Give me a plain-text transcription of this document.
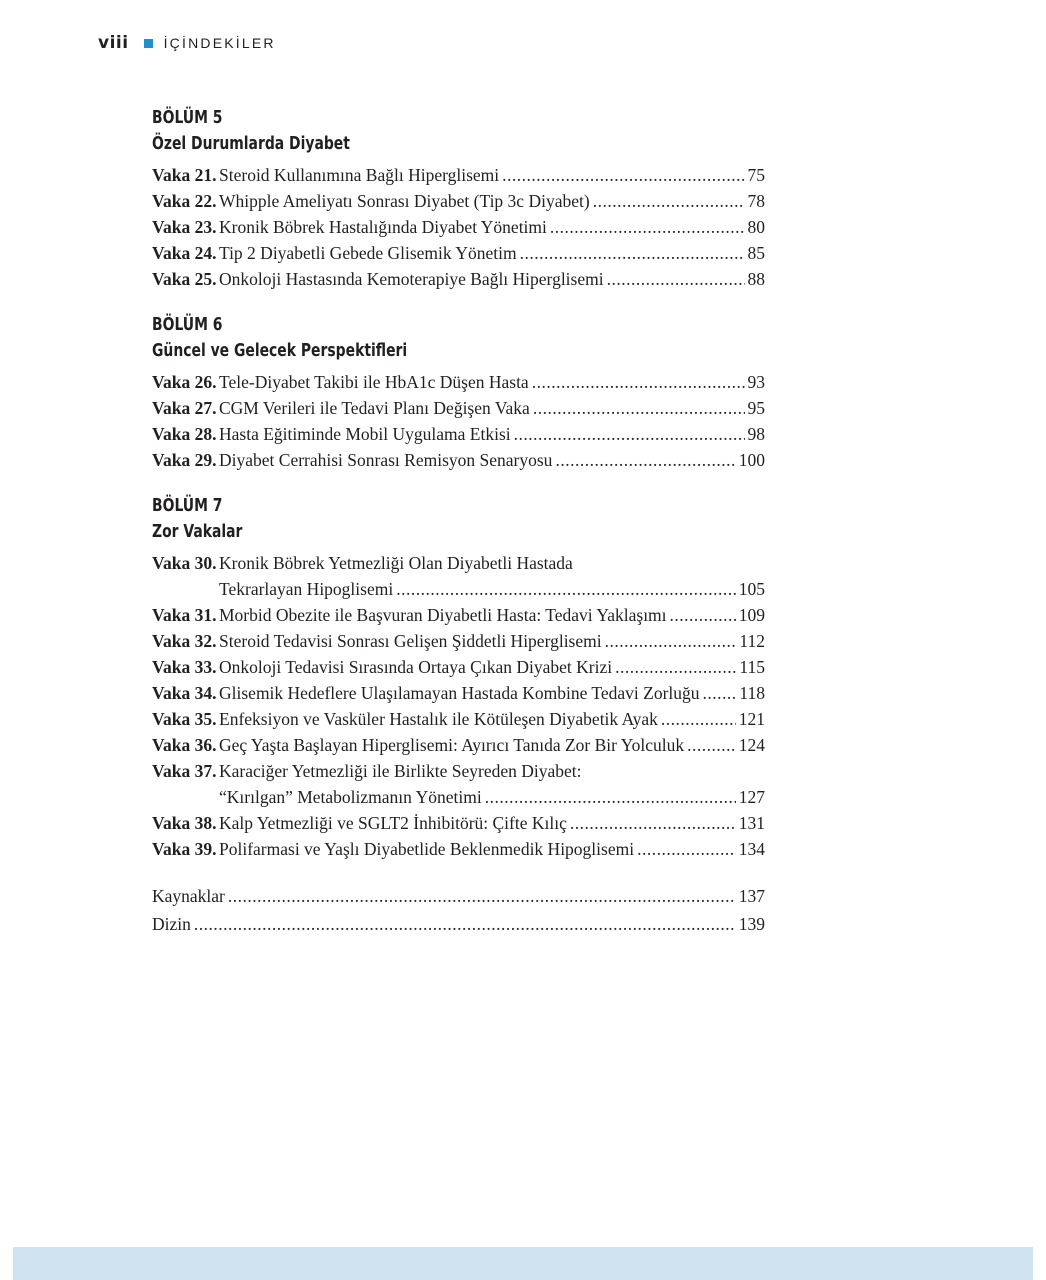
viii	İÇİNDEKİLER
BÖLÜM 5
Özel Durumlarda Diyabet
Vaka 21. Steroid Kullanımına Bağlı Hiperglisemi .....	75
Vaka 22. Whipple Ameliyatı Sonrası Diyabet (Tip 3c Diyabet) .....	78
Vaka 23. Kronik Böbrek Hastalığında Diyabet Yönetimi .....	80
Vaka 24. Tip 2 Diyabetli Gebede Glisemik Yönetim .....	85
Vaka 25. Onkoloji Hastasında Kemoterapiye Bağlı Hiperglisemi .....	88
BÖLÜM 6
Güncel ve Gelecek Perspektifleri
Vaka 26. Tele-Diyabet Takibi ile HbA1c Düşen Hasta .....	93
Vaka 27. CGM Verileri ile Tedavi Planı Değişen Vaka .....	95
Vaka 28. Hasta Eğitiminde Mobil Uygulama Etkisi .....	98
Vaka 29. Diyabet Cerrahisi Sonrası Remisyon Senaryosu .....	100
BÖLÜM 7
Zor Vakalar
Vaka 30. Kronik Böbrek Yetmezliği Olan Diyabetli Hastada
Tekrarlayan Hipoglisemi .....	105
Vaka 31. Morbid Obezite ile Başvuran Diyabetli Hasta: Tedavi Yaklaşımı .....	109
Vaka 32. Steroid Tedavisi Sonrası Gelişen Şiddetli Hiperglisemi .....	112
Vaka 33. Onkoloji Tedavisi Sırasında Ortaya Çıkan Diyabet Krizi .....	115
Vaka 34. Glisemik Hedeflere Ulaşılamayan Hastada Kombine Tedavi Zorluğu ..... 118
Vaka 35. Enfeksiyon ve Vasküler Hastalık ile Kötüleşen Diyabetik Ayak .....	121
Vaka 36. Geç Yaşta Başlayan Hiperglisemi: Ayırıcı Tanıda Zor Bir Yolculuk .....	124
Vaka 37. Karaciğer Yetmezliği ile Birlikte Seyreden Diyabet:
“Kırılgan” Metabolizmanın Yönetimi .....	127
Vaka 38. Kalp Yetmezliği ve SGLT2 İnhibitörü: Çifte Kılıç .....	131
Vaka 39. Polifarmasi ve Yaşlı Diyabetlide Beklenmedik Hipoglisemi .....	134
Kaynaklar .....	137
Dizin .....	139
